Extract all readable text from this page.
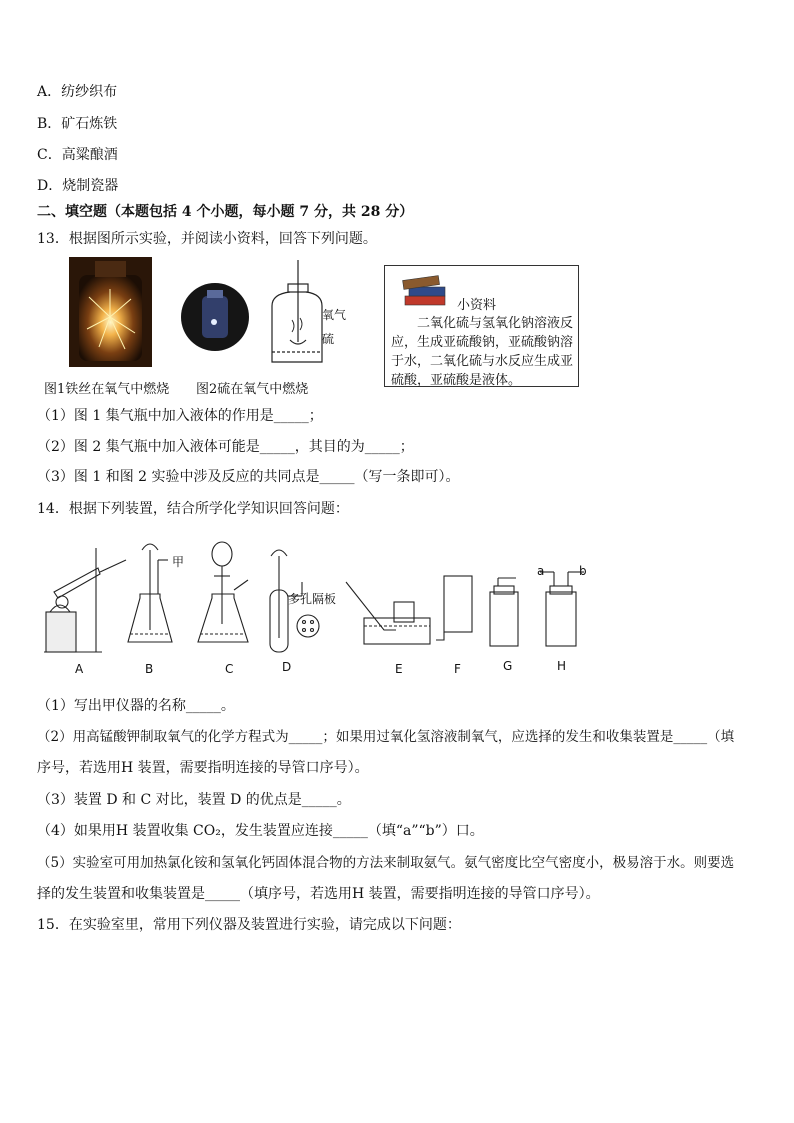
A．纺纱织布
B．矿石炼铁
C．高粱酿酒
D．烧制瓷器
二、填空题（本题包括 4 个小题，每小题 7 分，共 28 分）
13．根据图所示实验，并阅读小资料，回答下列问题。
氧气
硫
图1铁丝在氧气中燃烧 图2硫在氧气中燃烧
小资料
二氧化硫与氢氧化钠溶液反应，生成亚硫酸钠，亚硫酸钠溶于水，二氧化硫与水反应生成亚硫酸，亚硫酸是液体。
（1）图 1 集气瓶中加入液体的作用是_____；
（2）图 2 集气瓶中加入液体可能是_____，其目的为_____；
（3）图 1 和图 2 实验中涉及反应的共同点是_____（写一条即可）。
14．根据下列装置，结合所学化学知识回答问题：
甲
多孔隔板
a	b
A	B	C	D	E	F	G	H
（1）写出甲仪器的名称_____。
（2）用高锰酸钾制取氧气的化学方程式为_____；如果用过氧化氢溶液制氧气，应选择的发生和收集装置是_____（填
序号，若选用H 装置，需要指明连接的导管口序号）。
（3）装置 D 和 C 对比，装置 D 的优点是_____。
（4）如果用H 装置收集 CO₂，发生装置应连接_____（填“a”“b”）口。
（5）实验室可用加热氯化铵和氢氧化钙固体混合物的方法来制取氨气。氨气密度比空气密度小，极易溶于水。则要选
择的发生装置和收集装置是_____（填序号，若选用H 装置，需要指明连接的导管口序号）。
15．在实验室里，常用下列仪器及装置进行实验，请完成以下问题：
